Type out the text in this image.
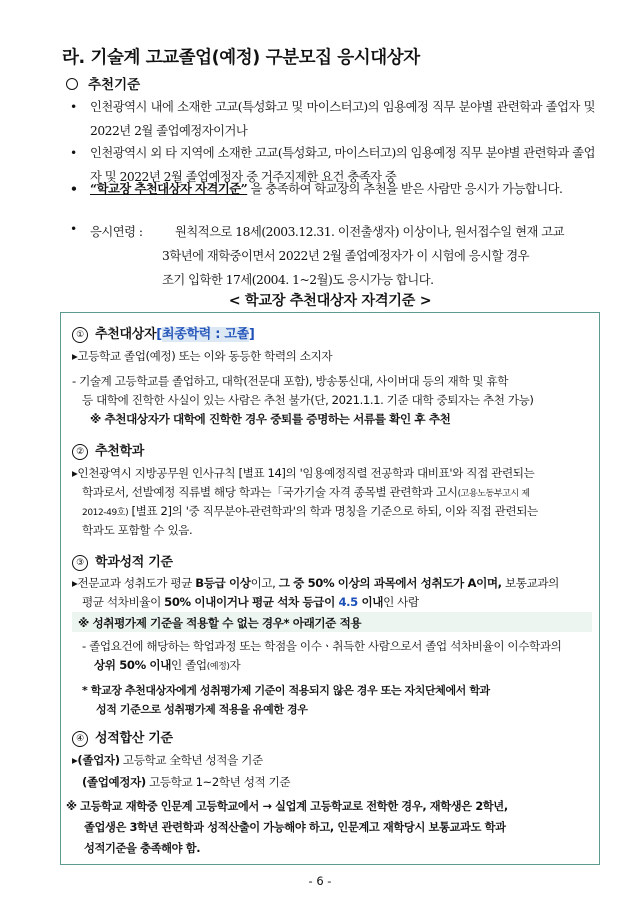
라. 기술계 고교졸업(예정) 구분모집 응시대상자
추천기준
• 인천광역시 내에 소재한 고교(특성화고 및 마이스터고)의 임용예정 직무 분야별 관련학과 졸업자 및 2022년 2월 졸업예정자이거나
• 인천광역시 외 타 지역에 소재한 고교(특성화고, 마이스터고)의 임용예정 직무 분야별 관련학과 졸업자 및 2022년 2월 졸업예정자 중 거주지제한 요건 충족자 중
• “학교장 추천대상자 자격기준” 을 충족하여 학교장의 추천을 받은 사람만 응시가 가능합니다.
• 응시연령 :	원칙적으로 18세(2003.12.31. 이전출생자) 이상이나, 원서접수일 현재 고교
3학년에 재학중이면서 2022년 2월 졸업예정자가 이 시험에 응시할 경우
조기 입학한 17세(2004. 1~2월)도 응시가능 합니다.
< 학교장 추천대상자 자격기준 >
① 추천대상자[최종학력 : 고졸]
▸고등학교 졸업(예정) 또는 이와 동등한 학력의 소지자
- 기술계 고등학교를 졸업하고, 대학(전문대 포함), 방송통신대, 사이버대 등의 재학 및 휴학
등 대학에 진학한 사실이 있는 사람은 추천 불가(단, 2021.1.1. 기준 대학 중퇴자는 추천 가능)
※ 추천대상자가 대학에 진학한 경우 중퇴를 증명하는 서류를 확인 후 추천
② 추천학과
▸인천광역시 지방공무원 인사규칙 [별표 14]의 '임용예정직렬 전공학과 대비표'와 직접 관련되는
학과로서, 선발예정 직류별 해당 학과는「국가기술 자격 종목별 관련학과 고시(고용노동부고시 제
2012-49호) [별표 2]의 '중 직무분야-관련학과'의 학과 명칭을 기준으로 하되, 이와 직접 관련되는
학과도 포함할 수 있음.
③ 학과성적 기준
▸전문교과 성취도가 평균 B등급 이상이고, 그 중 50% 이상의 과목에서 성취도가 A이며, 보통교과의
평균 석차비율이 50% 이내이거나 평균 석차 등급이 4.5 이내인 사람
※ 성취평가제 기준을 적용할 수 없는 경우* 아래기준 적용
- 졸업요건에 해당하는 학업과정 또는 학점을 이수ㆍ취득한 사람으로서 졸업 석차비율이 이수학과의
상위 50% 이내인 졸업(예정)자
* 학교장 추천대상자에게 성취평가제 기준이 적용되지 않은 경우 또는 자치단체에서 학과
성적 기준으로 성취평가제 적용을 유예한 경우
④ 성적합산 기준
▸(졸업자) 고등학교 全학년 성적을 기준
(졸업예정자) 고등학교 1~2학년 성적 기준
※ 고등학교 재학중 인문계 고등학교에서 → 실업계 고등학교로 전학한 경우, 재학생은 2학년,
졸업생은 3학년 관련학과 성적산출이 가능해야 하고, 인문계고 재학당시 보통교과도 학과
성적기준을 충족해야 함.
- 6 -
